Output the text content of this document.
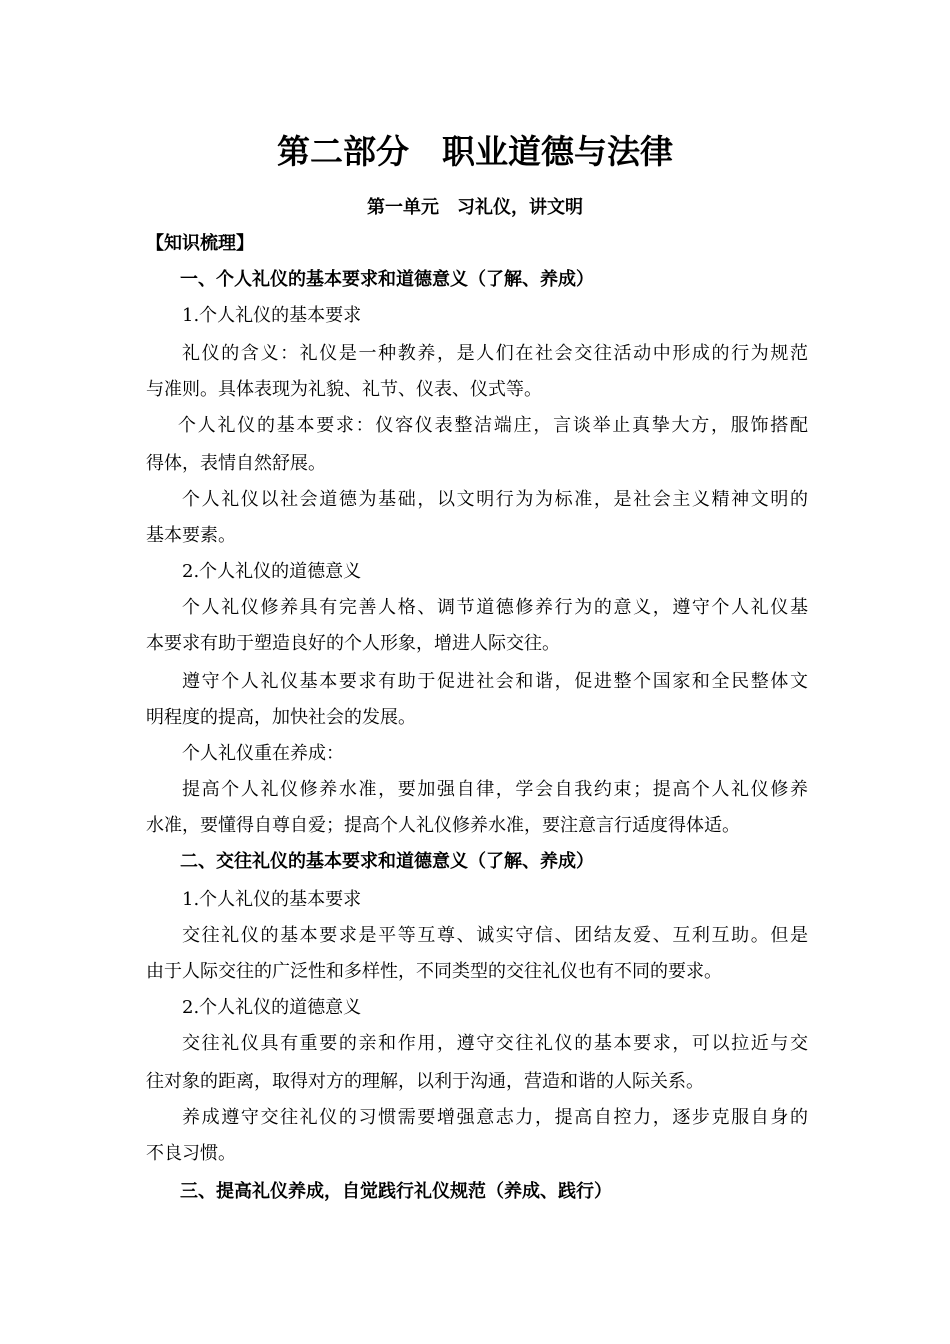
第二部分　职业道德与法律
第一单元　习礼仪，讲文明
【知识梳理】
一、个人礼仪的基本要求和道德意义（了解、养成）
1.个人礼仪的基本要求
礼仪的含义：礼仪是一种教养，是人们在社会交往活动中形成的行为规范
与准则。具体表现为礼貌、礼节、仪表、仪式等。
个人礼仪的基本要求：仪容仪表整洁端庄，言谈举止真挚大方，服饰搭配
得体，表情自然舒展。
个人礼仪以社会道德为基础，以文明行为为标准，是社会主义精神文明的
基本要素。
2.个人礼仪的道德意义
个人礼仪修养具有完善人格、调节道德修养行为的意义，遵守个人礼仪基
本要求有助于塑造良好的个人形象，增进人际交往。
遵守个人礼仪基本要求有助于促进社会和谐，促进整个国家和全民整体文
明程度的提高，加快社会的发展。
个人礼仪重在养成：
提高个人礼仪修养水准，要加强自律，学会自我约束；提高个人礼仪修养
水准，要懂得自尊自爱；提高个人礼仪修养水准，要注意言行适度得体适。
二、交往礼仪的基本要求和道德意义（了解、养成）
1.个人礼仪的基本要求
交往礼仪的基本要求是平等互尊、诚实守信、团结友爱、互利互助。但是
由于人际交往的广泛性和多样性，不同类型的交往礼仪也有不同的要求。
2.个人礼仪的道德意义
交往礼仪具有重要的亲和作用，遵守交往礼仪的基本要求，可以拉近与交
往对象的距离，取得对方的理解，以利于沟通，营造和谐的人际关系。
养成遵守交往礼仪的习惯需要增强意志力，提高自控力，逐步克服自身的
不良习惯。
三、提高礼仪养成，自觉践行礼仪规范（养成、践行）
